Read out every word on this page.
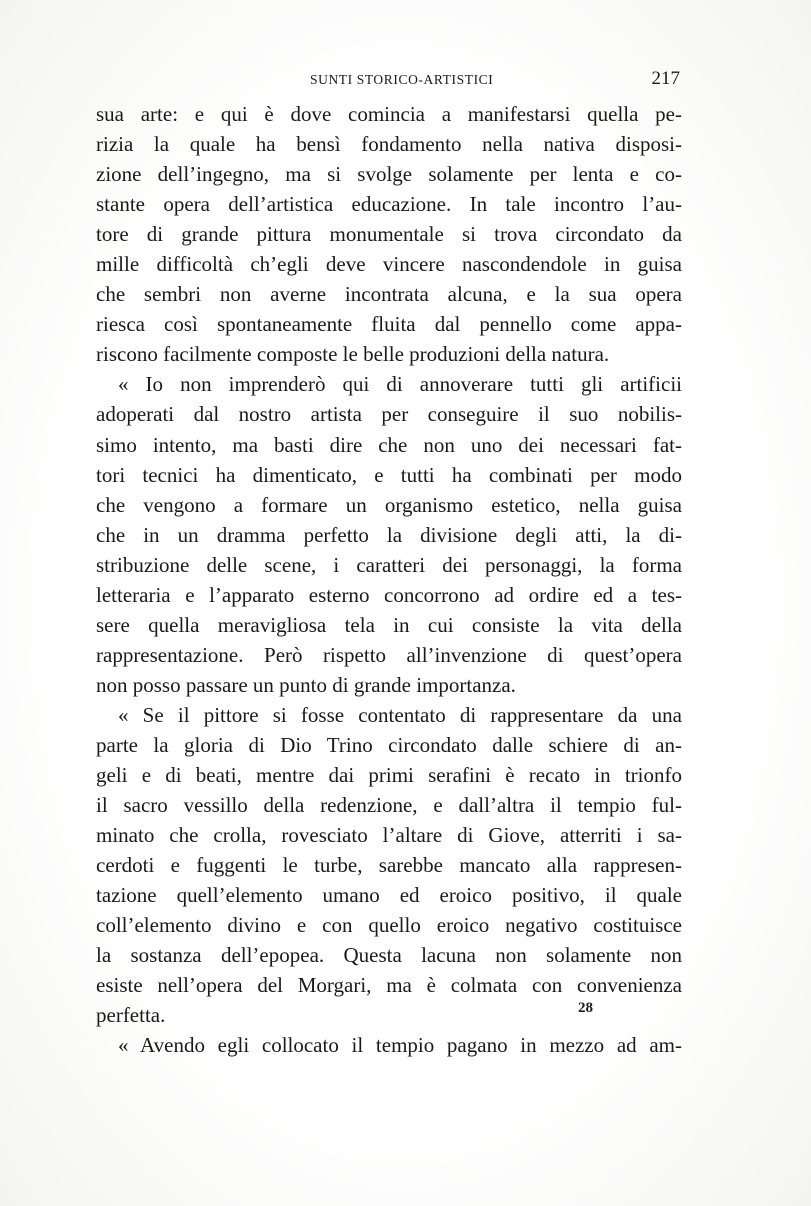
SUNTI STORICO-ARTISTICI	217
sua arte: e qui è dove comincia a manifestarsi quella pe-
rizia la quale ha bensì fondamento nella nativa disposi-
zione dell’ingegno, ma si svolge solamente per lenta e co-
stante opera dell’artistica educazione. In tale incontro l’au-
tore di grande pittura monumentale si trova circondato da
mille difficoltà ch’egli deve vincere nascondendole in guisa
che sembri non averne incontrata alcuna, e la sua opera
riesca così spontaneamente fluita dal pennello come appa-
riscono facilmente composte le belle produzioni della natura.
« Io non imprenderò qui di annoverare tutti gli artificii
adoperati dal nostro artista per conseguire il suo nobilis-
simo intento, ma basti dire che non uno dei necessari fat-
tori tecnici ha dimenticato, e tutti ha combinati per modo
che vengono a formare un organismo estetico, nella guisa
che in un dramma perfetto la divisione degli atti, la di-
stribuzione delle scene, i caratteri dei personaggi, la forma
letteraria e l’apparato esterno concorrono ad ordire ed a tes-
sere quella meravigliosa tela in cui consiste la vita della
rappresentazione. Però rispetto all’invenzione di quest’opera
non posso passare un punto di grande importanza.
« Se il pittore si fosse contentato di rappresentare da una
parte la gloria di Dio Trino circondato dalle schiere di an-
geli e di beati, mentre dai primi serafini è recato in trionfo
il sacro vessillo della redenzione, e dall’altra il tempio ful-
minato che crolla, rovesciato l’altare di Giove, atterriti i sa-
cerdoti e fuggenti le turbe, sarebbe mancato alla rappresen-
tazione quell’elemento umano ed eroico positivo, il quale
coll’elemento divino e con quello eroico negativo costituisce
la sostanza dell’epopea. Questa lacuna non solamente non
esiste nell’opera del Morgari, ma è colmata con convenienza
perfetta.
« Avendo egli collocato il tempio pagano in mezzo ad am-
28
